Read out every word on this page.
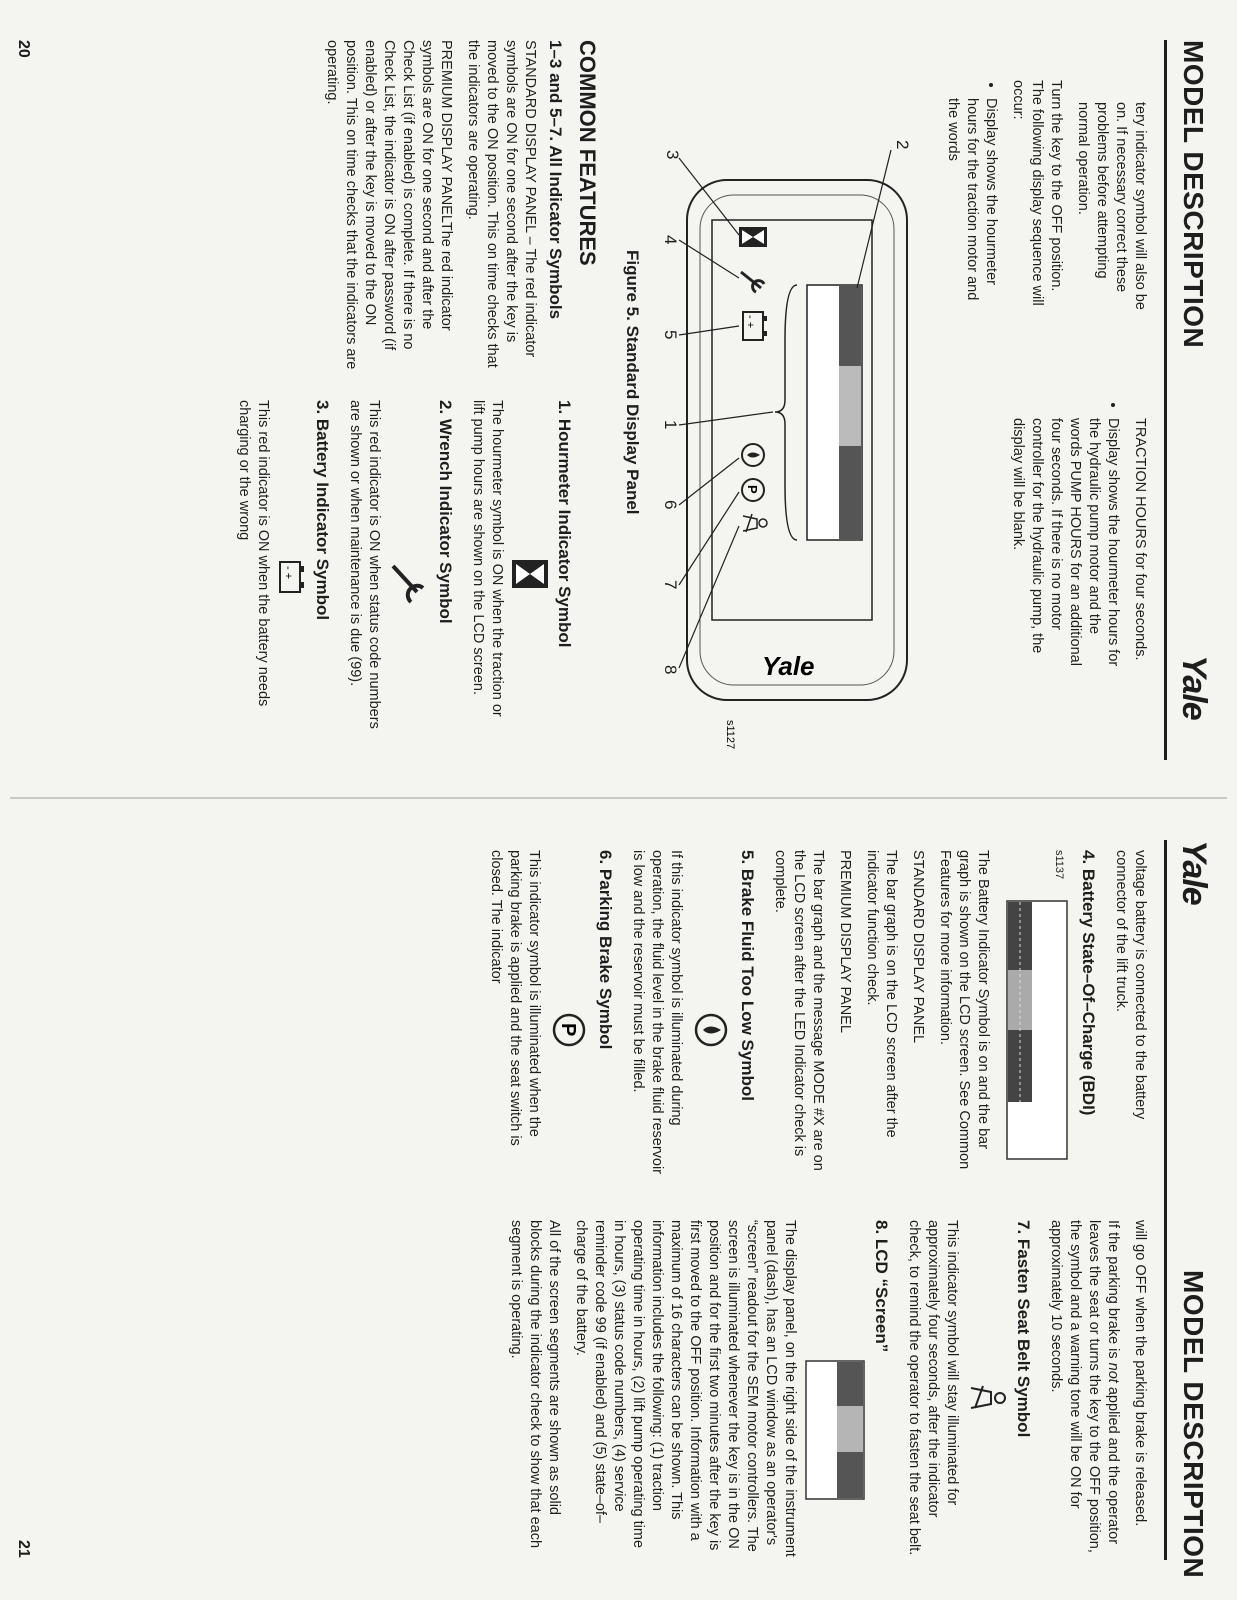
MODEL DESCRIPTION
Yale

tery indicator symbol will also be on. If necessary correct these problems before attempting normal operation.

Turn the key to the OFF position. The following display sequence will occur:

• Display shows the hourmeter hours for the traction motor and the words

TRACTION HOURS for four seconds.

• Display shows the hourmeter hours for the hydraulic pump motor and the words PUMP HOURS for an additional four seconds. If there is no motor controller for the hydraulic pump, the display will be blank.
- +
P
Yale
1
2
3
4
5
6
7
8
s1127
Figure 5. Standard Display Panel
COMMON FEATURES
1–3 and 5–7. All Indicator Symbols

STANDARD DISPLAY PANEL – The red indicator symbols are ON for one second after the key is moved to the ON position. This on time checks that the indicators are operating.

PREMIUM DISPLAY PANELThe red indicator symbols are ON for one second and after the Check List (if enabled) is complete. If there is no Check List, the indicator is ON after password (if enabled) or after the key is moved to the ON position. This on time checks that the indicators are operating.

1. Hourmeter Indicator Symbol

The hourmeter symbol is ON when the traction or lift pump hours are shown on the LCD screen.

2. Wrench Indicator Symbol

This red indicator is ON when status code numbers are shown or when maintenance is due (99).

3. Battery Indicator Symbol
- +

This red indicator is ON when the battery needs charging or the wrong

20
Yale
MODEL DESCRIPTION

voltage battery is connected to the battery connector of the lift truck.

4. Battery State–Of–Charge (BDI)
s1137

The Battery Indicator Symbol is on and the bar graph is shown on the LCD screen. See Common Features for more information.

STANDARD DISPLAY PANEL

The bar graph is on the LCD screen after the indicator function check.

PREMIUM DISPLAY PANEL

The bar graph and the message MODE #X are on the LCD screen after the LED Indicator check is complete.

5. Brake Fluid Too Low Symbol

If this indicator symbol is illuminated during operation, the fluid level in the brake fluid reservoir is low and the reservoir must be filled.

6. Parking Brake Symbol
P

This indicator symbol is illuminated when the parking brake is applied and the seat switch is closed. The indicator

will go OFF when the parking brake is released.

If the parking brake is not applied and the operator leaves the seat or turns the key to the OFF position, the symbol and a warning tone will be ON for approximately 10 seconds.

7. Fasten Seat Belt Symbol

This indicator symbol will stay illuminated for approximately four seconds, after the indicator check, to remind the operator to fasten the seat belt.

8. LCD “Screen”

The display panel, on the right side of the instrument panel (dash), has an LCD window as an operator's “screen” readout for the SEM motor controllers. The screen is illuminated whenever the key is in the ON position and for the first two minutes after the key is first moved to the OFF position. Information with a maximum of 16 characters can be shown. This information includes the following: (1) traction operating time in hours, (2) lift pump operating time in hours, (3) status code numbers, (4) service reminder code 99 (if enabled) and (5) state–of–charge of the battery.

All of the screen segments are shown as solid blocks during the indicator check to show that each segment is operating.

21
